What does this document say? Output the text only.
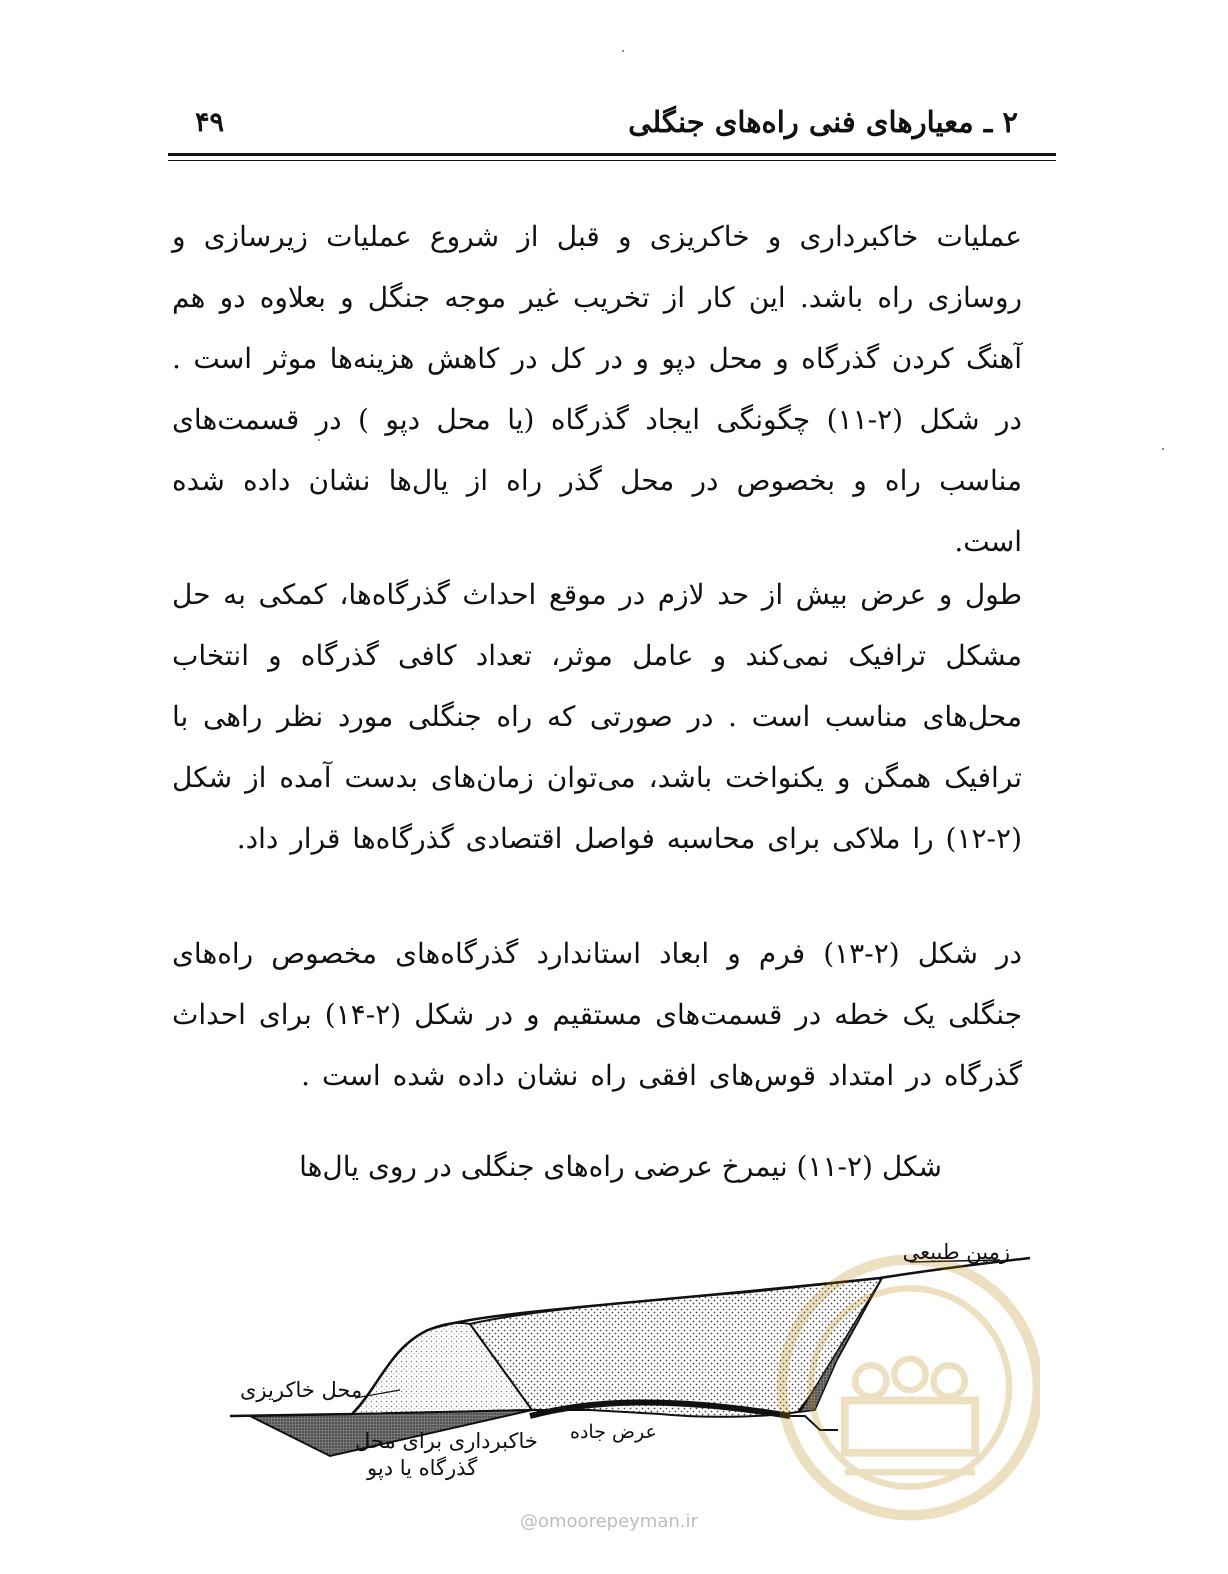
۲ ـ معیارهای فنی راه‌های جنگلی
۴۹

عملیات خاکبرداری و خاکریزی و قبل از شروع عملیات زیرسازی و روسازی راه باشد. این کار از تخریب غیر موجه جنگل و بعلاوه دو هم آهنگ کردن گذرگاه و محل دپو و در کل در کاهش هزینه‌ها موثر است . در شکل (۲-۱۱) چگونگی ایجاد گذرگاه (یا محل دپو ) در قسمت‌های مناسب راه و بخصوص در محل گذر راه از یال‌ها نشان داده شده است.

طول و عرض بیش از حد لازم در موقع احداث گذرگاه‌ها، کمکی به حل مشکل ترافیک نمی‌کند و عامل موثر، تعداد کافی گذرگاه و انتخاب محل‌های مناسب است . در صورتی که راه جنگلی مورد نظر راهی با ترافیک همگن و یکنواخت باشد، می‌توان زمان‌های بدست آمده از شکل (۲-۱۲) را ملاکی برای محاسبه فواصل اقتصادی گذرگاه‌ها قرار داد.

در شکل (۲-۱۳) فرم و ابعاد استاندارد گذرگاه‌های مخصوص راه‌های جنگلی یک خطه در قسمت‌های مستقیم و در شکل (۲-۱۴) برای احداث گذرگاه در امتداد قوس‌های افقی راه نشان داده شده است .

شکل (۲-۱۱) نیمرخ عرضی راه‌های جنگلی در روی یال‌ها
زمین طبیعی
محل خاکریزی
خاکبرداری برای محل
گذرگاه یا دپو
عرض جاده
@omoorepeyman.ir
